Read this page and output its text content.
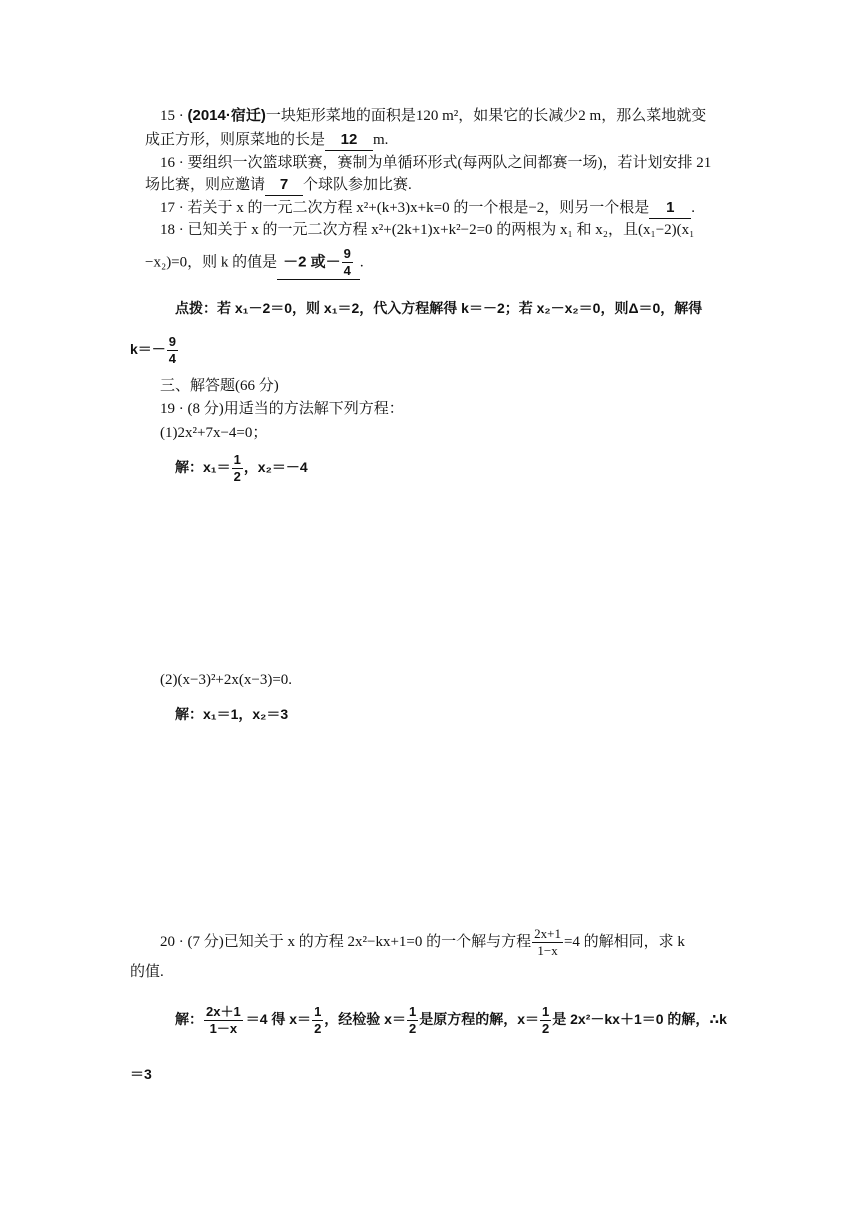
15 · (2014·宿迁)一块矩形菜地的面积是120 m²，如果它的长减少2 m，那么菜地就变
成正方形，则原菜地的长是 12 m.
16 · 要组织一次篮球联赛，赛制为单循环形式(每两队之间都赛一场)，若计划安排 21
场比赛，则应邀请 7 个球队参加比赛.
17 · 若关于 x 的一元二次方程 x²+(k+3)x+k=0 的一个根是−2，则另一个根是 1 .
18 · 已知关于 x 的一元二次方程 x²+(2k+1)x+k²−2=0 的两根为 x₁ 和 x₂，且(x₁−2)(x₁
−x₂)=0，则 k 的值是 －2 或－ $\frac{9}{4}$ .
点拨：若 x₁－2＝0，则 x₁＝2，代入方程解得 k＝－2；若 x₂－x₂＝0，则Δ＝0，解得
$k=- \frac{9}{4}$
三、解答题(66 分)
19 · (8 分)用适当的方法解下列方程：
(1)2x²+7x−4=0；
解：$x_1= \frac{1}{2}$ ，x₂＝－4
(2)(x−3)²+2x(x−3)=0.
解：x₁＝1，x₂＝3
20 · (7 分)已知关于 x 的方程 2x²−kx+1=0 的一个解与方程 $\frac{2x+1}{1-x} =4$ 的解相同，求 k
的值.
解： $\frac{2x+1}{1-x} =4$ 得 $x= \frac{1}{2}$ ，经检验 $x= \frac{1}{2}$ 是原方程的解，$x= \frac{1}{2}$ 是 2x²－kx＋1＝0 的解，∴k
＝3
